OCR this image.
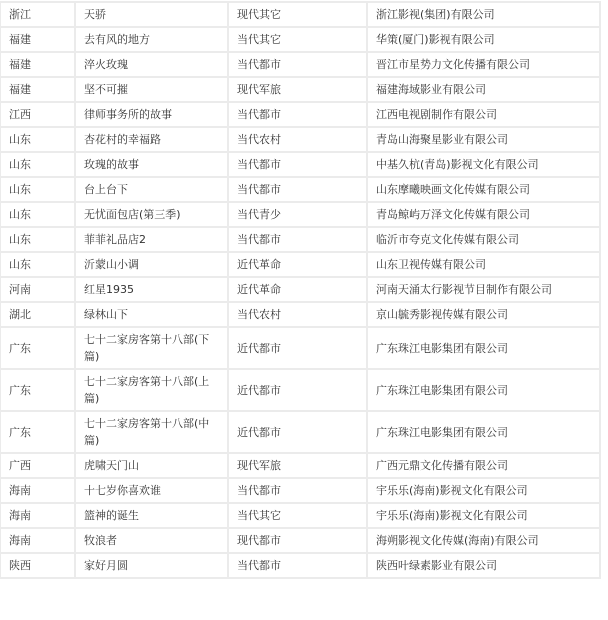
浙江	天骄	现代其它	浙江影视(集团)有限公司
福建	去有风的地方	当代其它	华策(厦门)影视有限公司
福建	淬火玫瑰	当代都市	晋江市星势力文化传播有限公司
福建	坚不可摧	现代军旅	福建海域影业有限公司
江西	律师事务所的故事	当代都市	江西电视剧制作有限公司
山东	杏花村的幸福路	当代农村	青岛山海聚星影业有限公司
山东	玫瑰的故事	当代都市	中基久杭(青岛)影视文化有限公司
山东	台上台下	当代都市	山东摩曦映画文化传媒有限公司
山东	无忧面包店(第三季)	当代青少	青岛鲸屿万泽文化传媒有限公司
山东	菲菲礼品店2	当代都市	临沂市夸克文化传媒有限公司
山东	沂蒙山小调	近代革命	山东卫视传媒有限公司
河南	红星1935	近代革命	河南天涌太行影视节目制作有限公司
湖北	绿林山下	当代农村	京山毓秀影视传媒有限公司
广东	七十二家房客第十八部(下篇)	近代都市	广东珠江电影集团有限公司
广东	七十二家房客第十八部(上篇)	近代都市	广东珠江电影集团有限公司
广东	七十二家房客第十八部(中篇)	近代都市	广东珠江电影集团有限公司
广西	虎啸天门山	现代军旅	广西元鼎文化传播有限公司
海南	十七岁你喜欢谁	当代都市	宇乐乐(海南)影视文化有限公司
海南	篮神的诞生	当代其它	宇乐乐(海南)影视文化有限公司
海南	牧浪者	现代都市	海朔影视文化传媒(海南)有限公司
陕西	家好月圆	当代都市	陕西叶绿素影业有限公司
